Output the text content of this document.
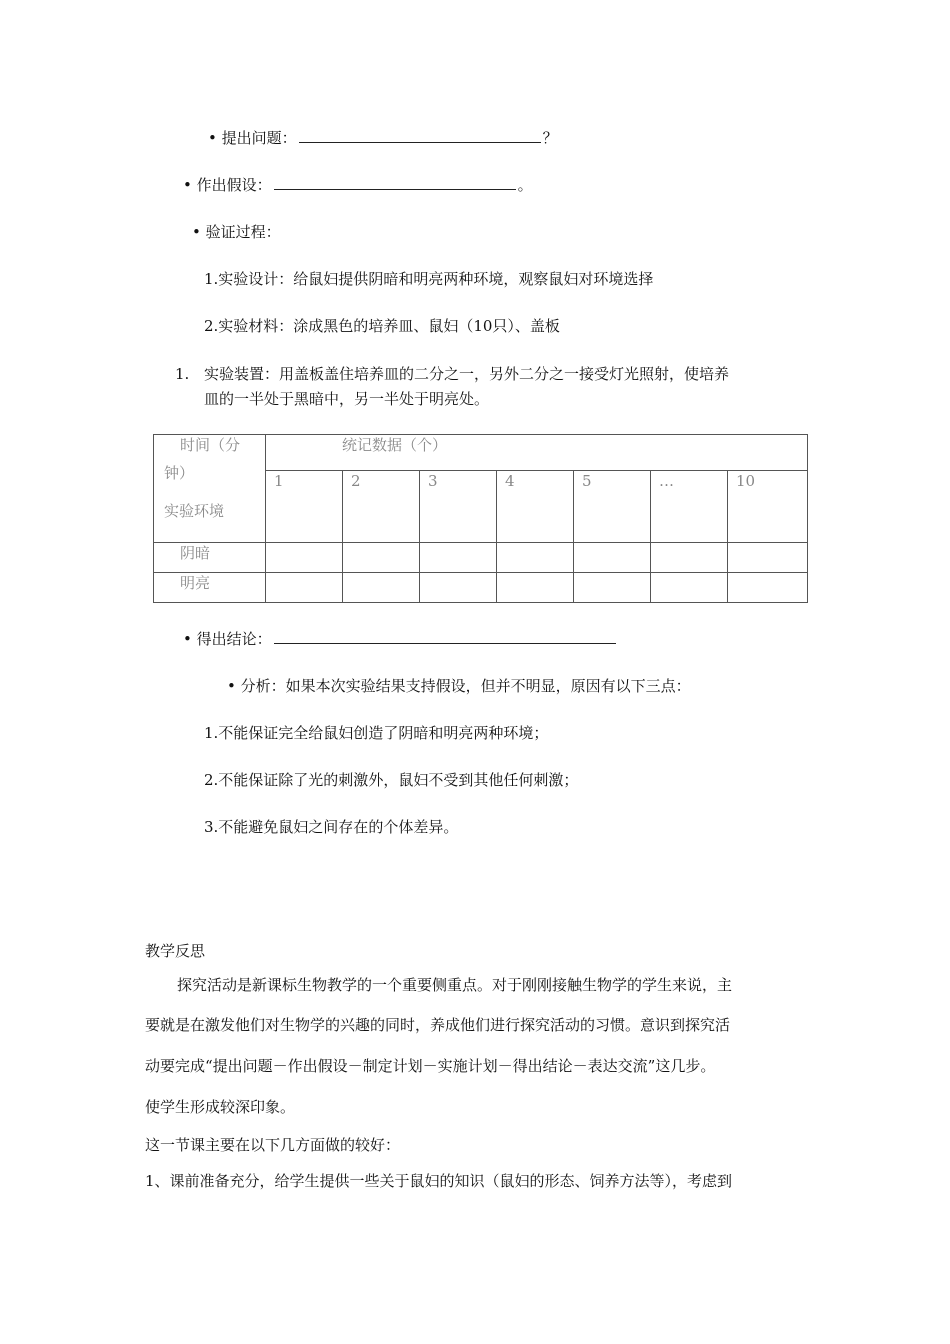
• 提出问题：	？
• 作出假设：	。
• 验证过程：
1.实验设计：给鼠妇提供阴暗和明亮两种环境，观察鼠妇对环境选择
2.实验材料：涂成黑色的培养皿、鼠妇（10只）、盖板
1. 实验装置：用盖板盖住培养皿的二分之一，另外二分之一接受灯光照射，使培养
皿的一半处于黑暗中，另一半处于明亮处。
时间（分
钟）
实验环境	统记数据（个）						
	1	2	3	4	5	…	10
阴暗							
明亮							
• 得出结论：
• 分析：如果本次实验结果支持假设，但并不明显，原因有以下三点：
1.不能保证完全给鼠妇创造了阴暗和明亮两种环境；
2.不能保证除了光的刺激外，鼠妇不受到其他任何刺激；
3.不能避免鼠妇之间存在的个体差异。
教学反思
探究活动是新课标生物教学的一个重要侧重点。对于刚刚接触生物学的学生来说，主
要就是在激发他们对生物学的兴趣的同时，养成他们进行探究活动的习惯。意识到探究活
动要完成“提出问题－作出假设－制定计划－实施计划－得出结论－表达交流”这几步。
使学生形成较深印象。
这一节课主要在以下几方面做的较好：
1、课前准备充分，给学生提供一些关于鼠妇的知识（鼠妇的形态、饲养方法等），考虑到
